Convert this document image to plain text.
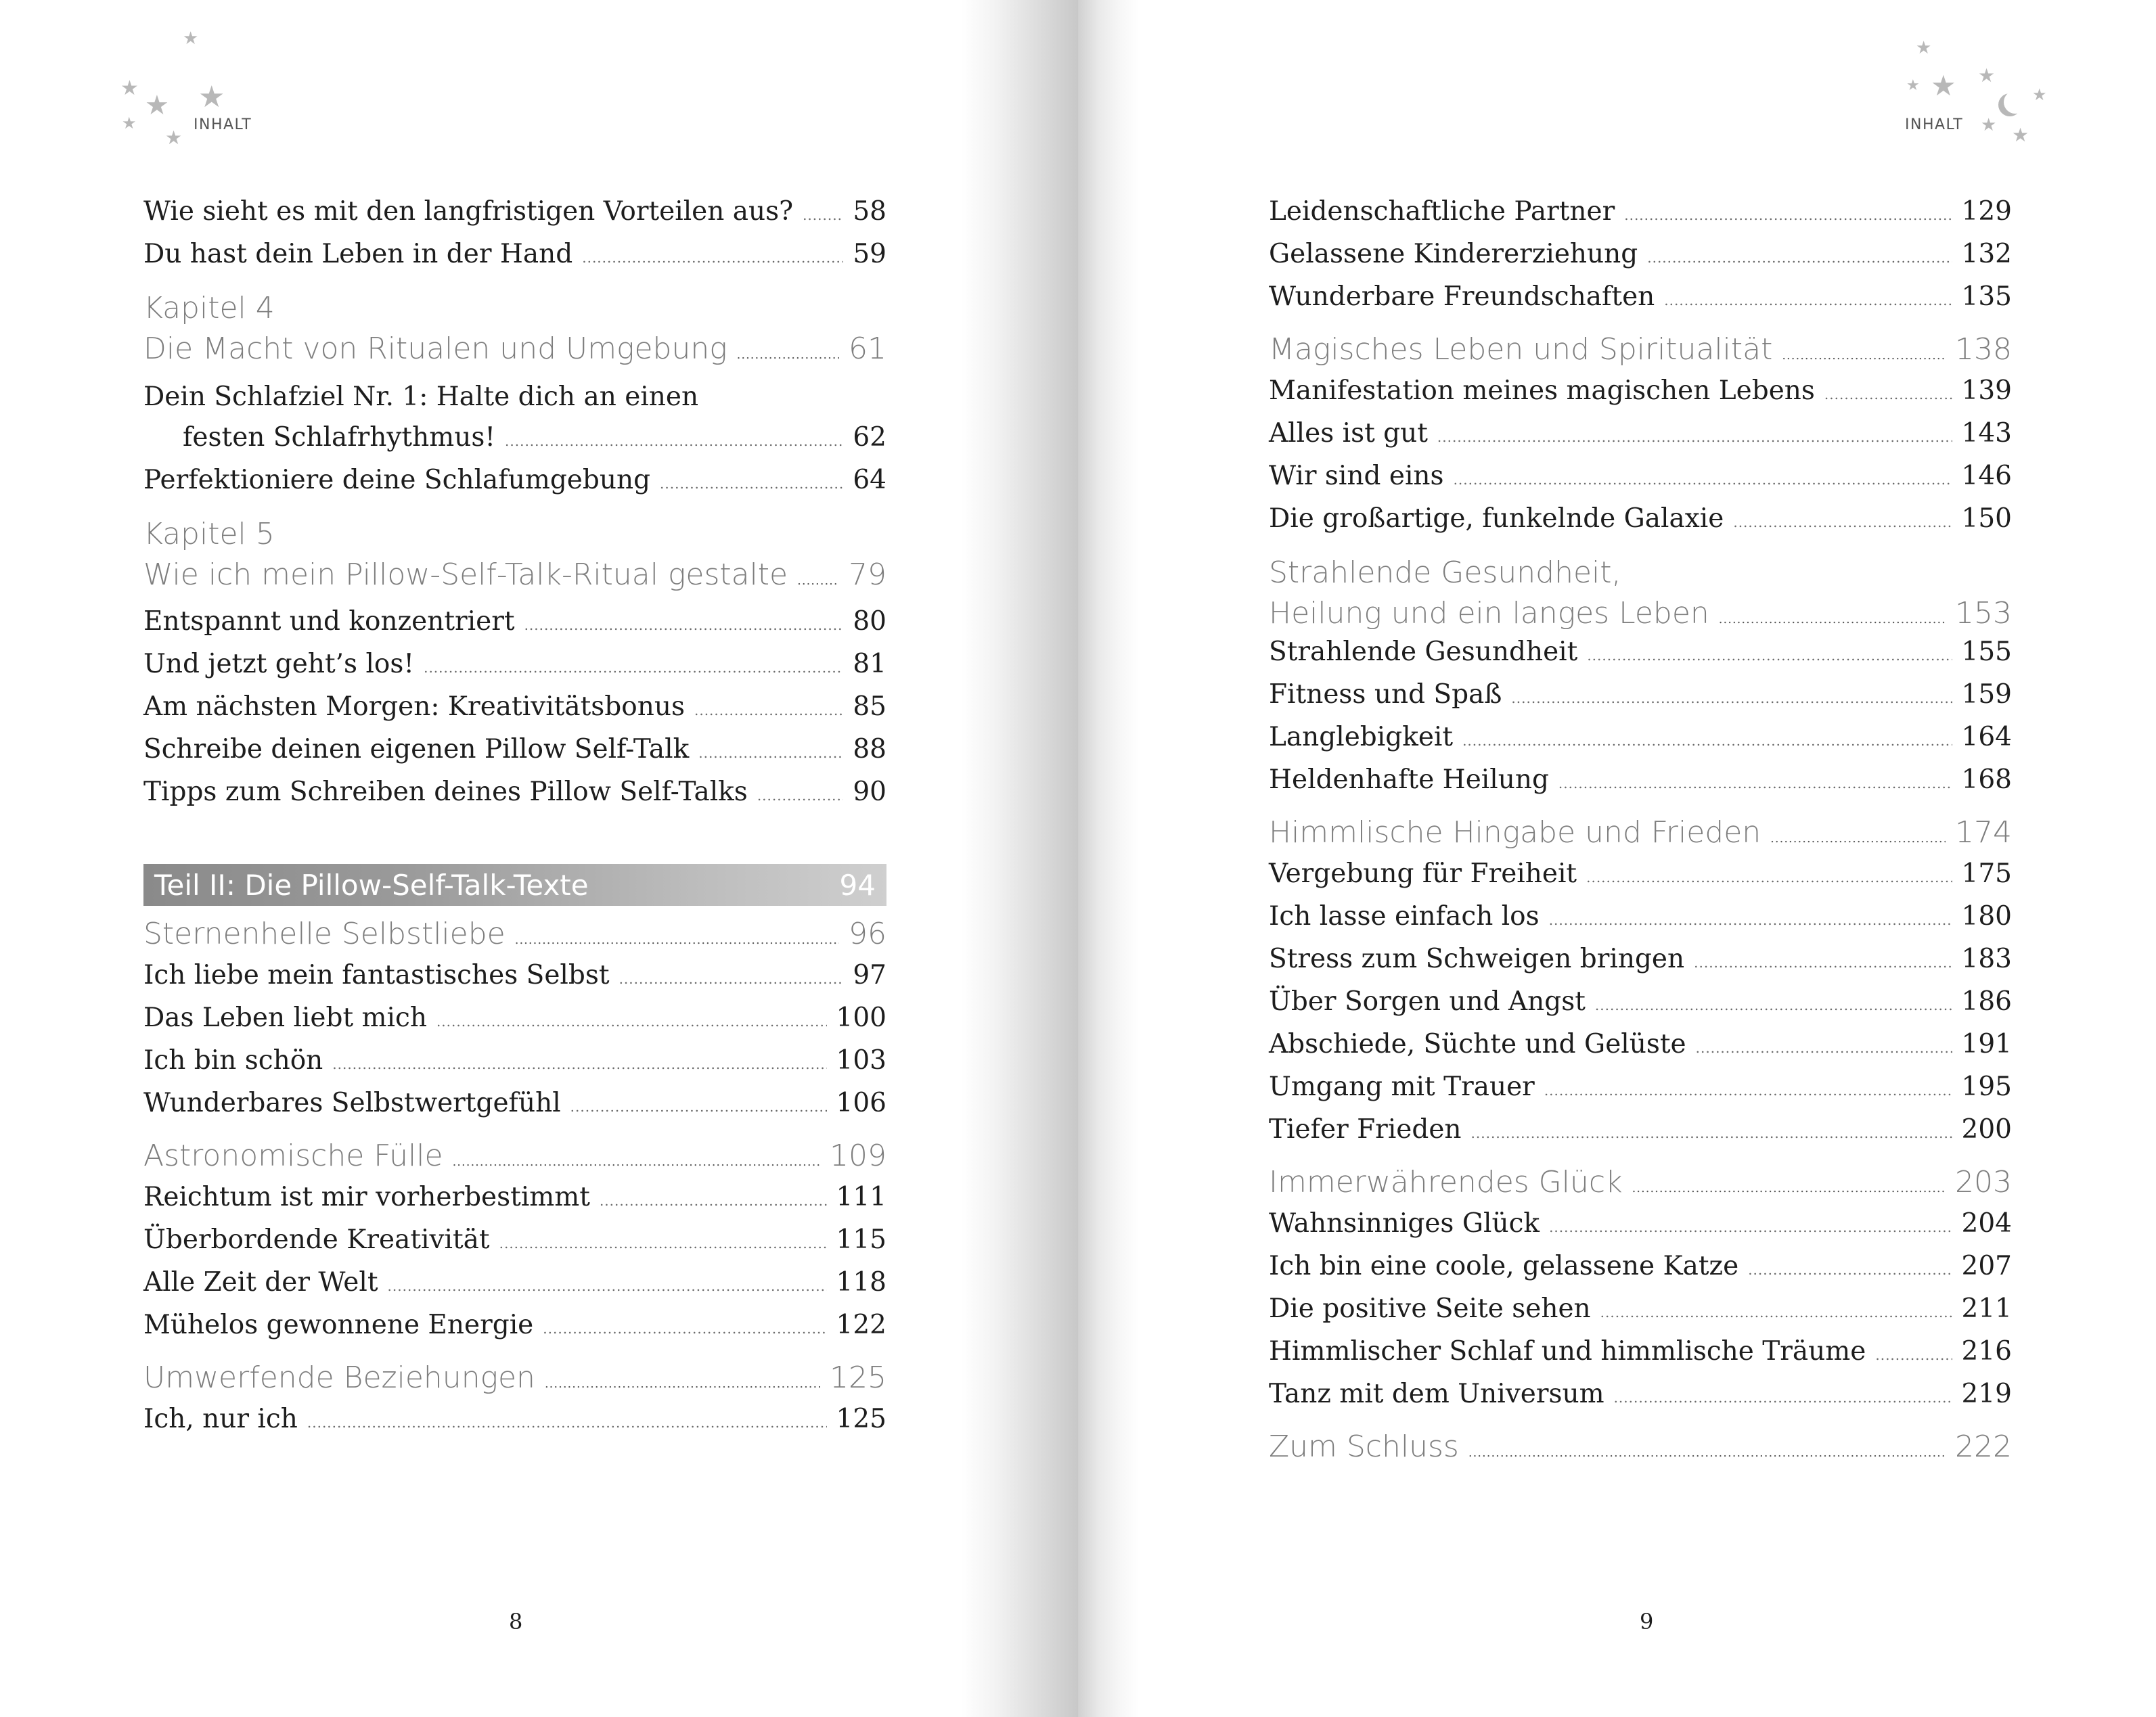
★
★
★ ★
★
★
INHALT
Wie sieht es mit den langfristigen Vorteilen aus? .....	58
Du hast dein Leben in der Hand .....	59
Kapitel 4
Die Macht von Ritualen und Umgebung .....	61
Dein Schlafziel Nr. 1: Halte dich an einen
festen Schlafrhythmus! .....	62
Perfektioniere deine Schlafumgebung .....	64
Kapitel 5
Wie ich mein Pillow-Self-Talk-Ritual gestalte .....	79
Entspannt und konzentriert .....	80
Und jetzt geht’s los! .....	81
Am nächsten Morgen: Kreativitätsbonus .....	85
Schreibe deinen eigenen Pillow Self-Talk .....	88
Tipps zum Schreiben deines Pillow Self-Talks .....	90
Teil II: Die Pillow-Self-Talk-Texte	94
Sternenhelle Selbstliebe .....	96
Ich liebe mein fantastisches Selbst .....	97
Das Leben liebt mich .....	100
Ich bin schön .....	103
Wunderbares Selbstwertgefühl .....	106
Astronomische Fülle .....	109
Reichtum ist mir vorherbestimmt .....	111
Überbordende Kreativität .....	115
Alle Zeit der Welt .....	118
Mühelos gewonnene Energie .....	122
Umwerfende Beziehungen .....	125
Ich, nur ich .....	125
8
★
★ ★ ★
★
★ ★
INHALT
Leidenschaftliche Partner .....	129
Gelassene Kindererziehung .....	132
Wunderbare Freundschaften .....	135
Magisches Leben und Spiritualität .....	138
Manifestation meines magischen Lebens .....	139
Alles ist gut .....	143
Wir sind eins .....	146
Die großartige, funkelnde Galaxie .....	150
Strahlende Gesundheit,
Heilung und ein langes Leben .....	153
Strahlende Gesundheit .....	155
Fitness und Spaß .....	159
Langlebigkeit .....	164
Heldenhafte Heilung .....	168
Himmlische Hingabe und Frieden .....	174
Vergebung für Freiheit .....	175
Ich lasse einfach los .....	180
Stress zum Schweigen bringen .....	183
Über Sorgen und Angst .....	186
Abschiede, Süchte und Gelüste .....	191
Umgang mit Trauer .....	195
Tiefer Frieden .....	200
Immerwährendes Glück .....	203
Wahnsinniges Glück .....	204
Ich bin eine coole, gelassene Katze .....	207
Die positive Seite sehen .....	211
Himmlischer Schlaf und himmlische Träume .....	216
Tanz mit dem Universum .....	219
Zum Schluss .....	222
9
